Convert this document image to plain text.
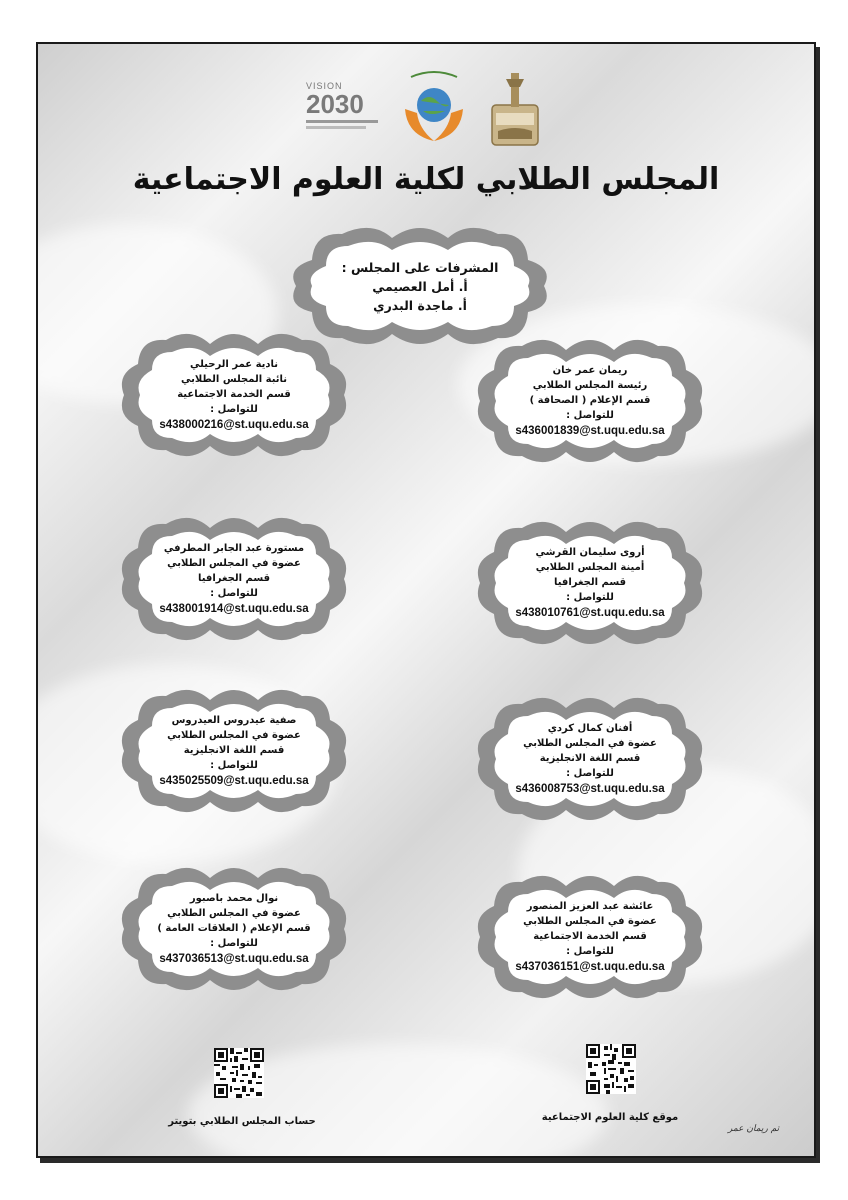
VISION
2030
المجلس الطلابي لكلية العلوم الاجتماعية
المشرفات على المجلس :
أ. أمل العصيمي
أ. ماجدة البدري
ريمان عمر خان
رئيسة المجلس الطلابي
قسم الإعلام ( الصحافة )
للتواصل :
s436001839@st.uqu.edu.sa
نادية عمر الرحيلي
نائبة المجلس الطلابي
قسم الخدمة الاجتماعية
للتواصل :
s438000216@st.uqu.edu.sa
أروى سليمان القرشي
أمينة المجلس الطلابي
قسم الجغرافيا
للتواصل :
s438010761@st.uqu.edu.sa
مستورة عبد الجابر المطرفي
عضوة في المجلس الطلابي
قسم الجغرافيا
للتواصل :
s438001914@st.uqu.edu.sa
أفنان كمال كردي
عضوة في المجلس الطلابي
قسم اللغة الانجليزية
للتواصل :
s436008753@st.uqu.edu.sa
صفية عيدروس العيدروس
عضوة في المجلس الطلابي
قسم اللغة الانجليزية
للتواصل :
s435025509@st.uqu.edu.sa
عائشة عبد العزيز المنصور
عضوة في المجلس الطلابي
قسم الخدمة الاجتماعية
للتواصل :
s437036151@st.uqu.edu.sa
نوال محمد باصبور
عضوة في المجلس الطلابي
قسم الإعلام ( العلاقات العامة )
للتواصل :
s437036513@st.uqu.edu.sa
موقع كلية العلوم الاجتماعية
حساب المجلس الطلابي بتويتر
تم ريمان عمر
